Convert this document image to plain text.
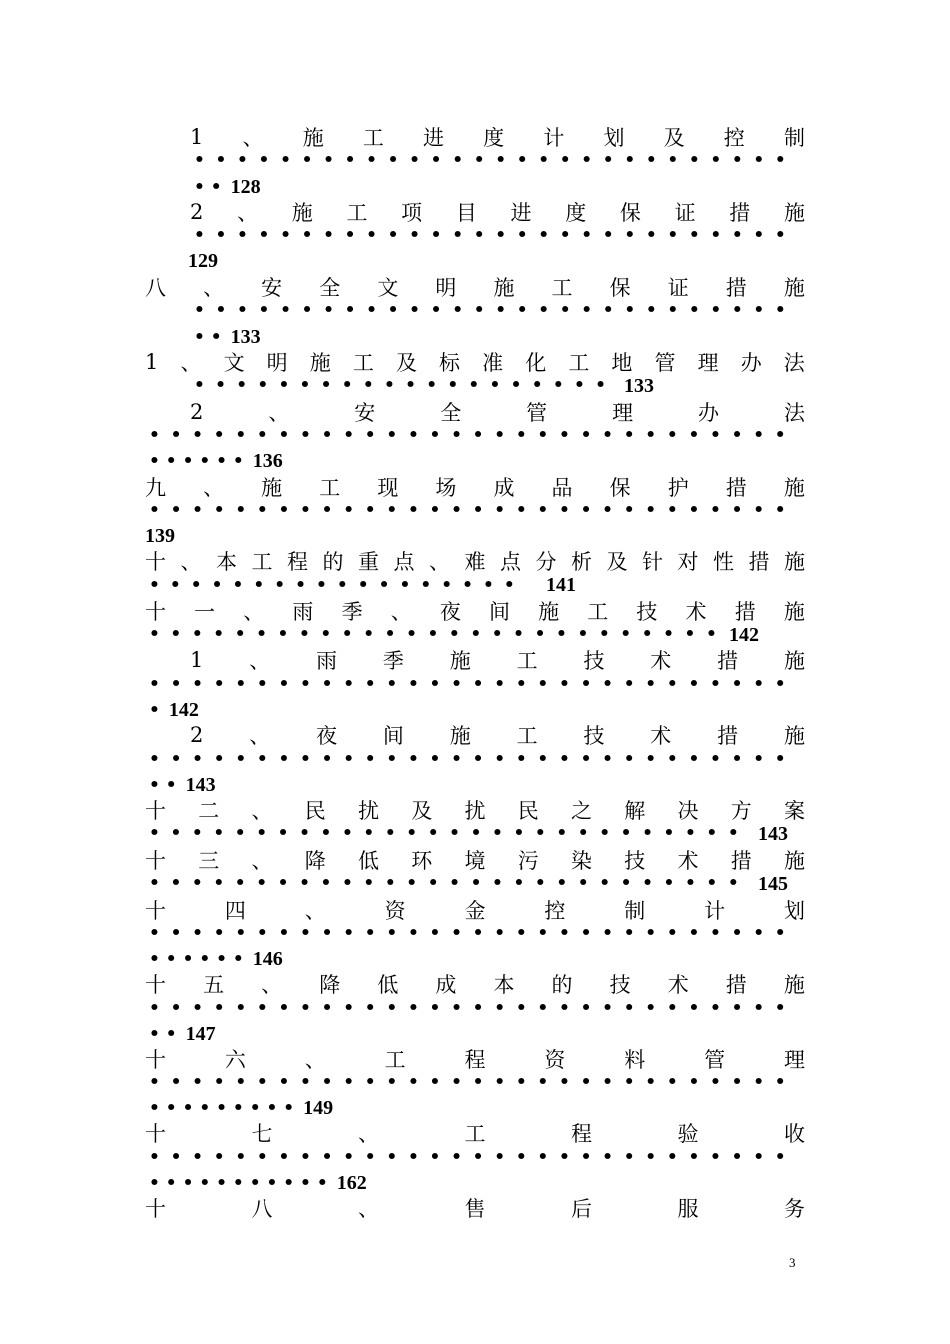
1 、 施 工 进 度 计 划 及 控 制
• • • • • • • • • • • • • • • • • • • • • • • • • • • •
• • 128
2 、 施 工 项 目 进 度 保 证 措 施
• • • • • • • • • • • • • • • • • • • • • • • • • • • •
129
八 、 安 全 文 明 施 工 保 证 措 施
• • • • • • • • • • • • • • • • • • • • • • • • • • • •
• • 133
1 、 文 明 施 工 及 标 准 化 工 地 管 理 办 法
• • • • • • • • • • • • • • • • • • • • 133
2	、	安	全	管	理	办	法
• • • • • • • • • • • • • • • • • • • • • • • • • • • • • •
• • • • • • 136
九 、 施 工 现 场 成 品 保 护 措 施
• • • • • • • • • • • • • • • • • • • • • • • • • • • • • •
139
十 、 本 工 程 的 重 点 、 难 点 分 析 及 针 对 性 措 施
• • • • • • • • • • • • • • • • • • 141
十 一 、 雨 季 、 夜 间 施 工 技 术 措 施
• • • • • • • • • • • • • • • • • • • • • • • • • • • 142
1 、 雨 季 施 工 技 术 措 施
• • • • • • • • • • • • • • • • • • • • • • • • • • • • • •
• 142
2 、 夜 间 施 工 技 术 措 施
• • • • • • • • • • • • • • • • • • • • • • • • • • • • • •
• • 143
十 二 、 民 扰 及 扰 民 之 解 决 方 案
• • • • • • • • • • • • • • • • • • • • • • • • • • • • 143
十 三 、 降 低 环 境 污 染 技 术 措 施
• • • • • • • • • • • • • • • • • • • • • • • • • • • • 145
十	四	、	资	金	控	制	计	划
• • • • • • • • • • • • • • • • • • • • • • • • • • • • • •
• • • • • • 146
十 五 、 降 低 成 本 的 技 术 措 施
• • • • • • • • • • • • • • • • • • • • • • • • • • • • • •
• • 147
十	六	、	工	程	资	料	管	理
• • • • • • • • • • • • • • • • • • • • • • • • • • • • • •
• • • • • • • • • 149
十	七	、	工	程	验	收
• • • • • • • • • • • • • • • • • • • • • • • • • • • • • •
• • • • • • • • • • • 162
十	八	、	售	后	服	务
3
